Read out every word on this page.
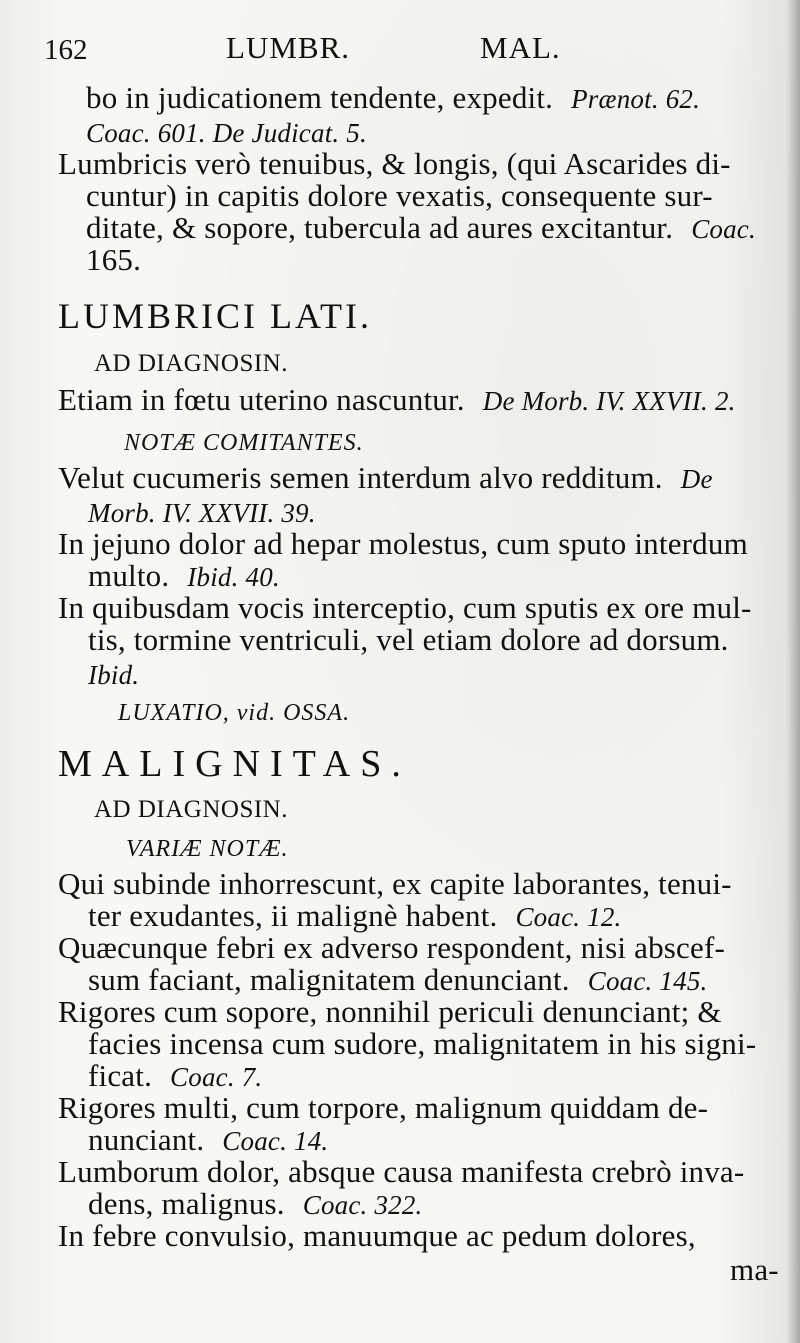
162	LUMBR.	MAL.
bo in judicationem tendente, expedit. Prænot. 62.
Coac. 601. De Judicat. 5.
Lumbricis verò tenuibus, & longis, (qui Ascarides di-
cuntur) in capitis dolore vexatis, consequente sur-
ditate, & sopore, tubercula ad aures excitantur. Coac.
165.
LUMBRICI LATI.
AD DIAGNOSIN.
Etiam in fœtu uterino nascuntur. De Morb. IV. XXVII. 2.
NOTÆ COMITANTES.
Velut cucumeris semen interdum alvo redditum. De
Morb. IV. XXVII. 39.
In jejuno dolor ad hepar molestus, cum sputo interdum
multo. Ibid. 40.
In quibusdam vocis interceptio, cum sputis ex ore mul-
tis, tormine ventriculi, vel etiam dolore ad dorsum.
Ibid.
LUXATIO, vid. OSSA.
MALIGNITAS.
AD DIAGNOSIN.
VARIÆ NOTÆ.
Qui subinde inhorrescunt, ex capite laborantes, tenui-
ter exudantes, ii malignè habent. Coac. 12.
Quæcunque febri ex adverso respondent, nisi abscef-
sum faciant, malignitatem denunciant. Coac. 145.
Rigores cum sopore, nonnihil periculi denunciant; &
facies incensa cum sudore, malignitatem in his signi-
ficat. Coac. 7.
Rigores multi, cum torpore, malignum quiddam de-
nunciant. Coac. 14.
Lumborum dolor, absque causa manifesta crebrò inva-
dens, malignus. Coac. 322.
In febre convulsio, manuumque ac pedum dolores,
ma-
